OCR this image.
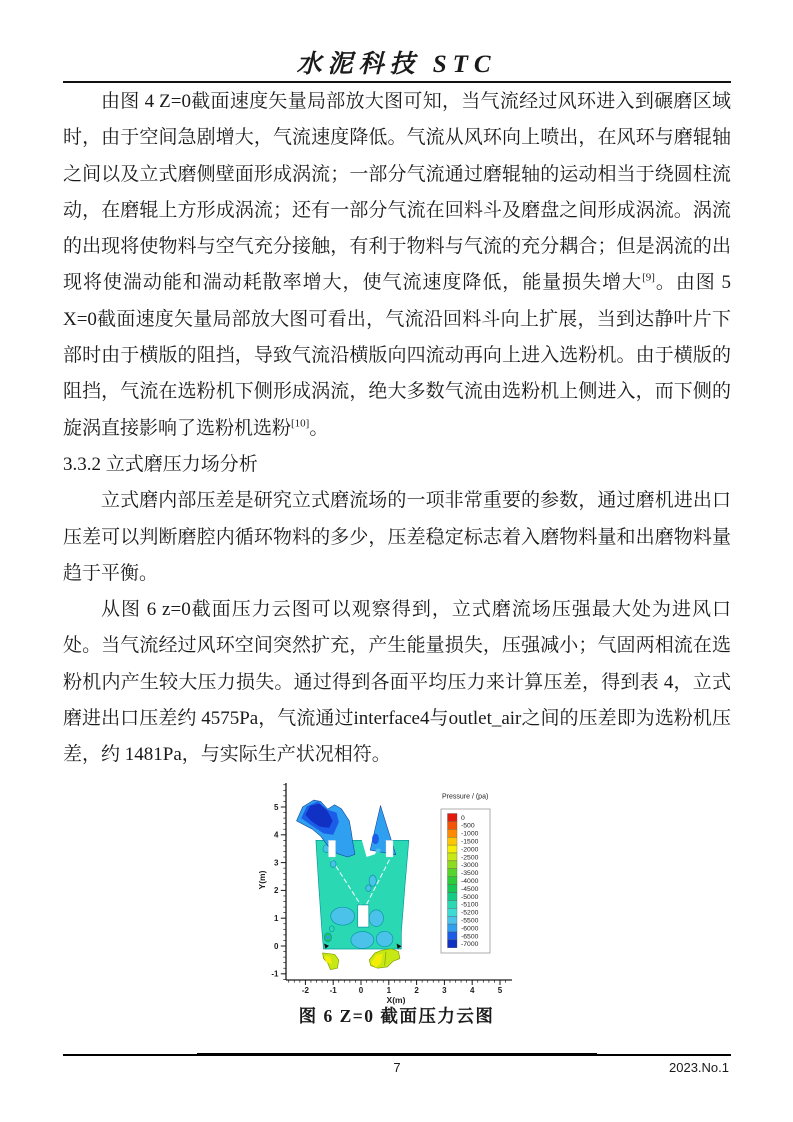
水泥科技 STC

由图 4 Z=0截面速度矢量局部放大图可知，当气流经过风环进入到碾磨区域时，由于空间急剧增大，气流速度降低。气流从风环向上喷出，在风环与磨辊轴之间以及立式磨侧壁面形成涡流；一部分气流通过磨辊轴的运动相当于绕圆柱流动，在磨辊上方形成涡流；还有一部分气流在回料斗及磨盘之间形成涡流。涡流的出现将使物料与空气充分接触，有利于物料与气流的充分耦合；但是涡流的出现将使湍动能和湍动耗散率增大，使气流速度降低，能量损失增大[9]。由图 5 X=0截面速度矢量局部放大图可看出，气流沿回料斗向上扩展，当到达静叶片下部时由于横版的阻挡，导致气流沿横版向四流动再向上进入选粉机。由于横版的阻挡，气流在选粉机下侧形成涡流，绝大多数气流由选粉机上侧进入，而下侧的旋涡直接影响了选粉机选粉[10]。

3.3.2 立式磨压力场分析

立式磨内部压差是研究立式磨流场的一项非常重要的参数，通过磨机进出口压差可以判断磨腔内循环物料的多少，压差稳定标志着入磨物料量和出磨物料量趋于平衡。

从图 6 z=0截面压力云图可以观察得到，立式磨流场压强最大处为进风口处。当气流经过风环空间突然扩充，产生能量损失，压强减小；气固两相流在选粉机内产生较大压力损失。通过得到各面平均压力来计算压差，得到表 4，立式磨进出口压差约 4575Pa，气流通过interface4与outlet_air之间的压差即为选粉机压差，约 1481Pa，与实际生产状况相符。

-2	-1	0	1	2	3	4	5
-1
0
1
2
3
4
5
X(m)
Y(m)
Pressure / (pa)
0
-500
-1000
-1500
-2000
-2500
-3000
-3500
-4000
-4500
-5000
-5100
-5200
-5500
-6000
-6500
-7000
图 6 Z=0 截面压力云图
7	2023.No.1
